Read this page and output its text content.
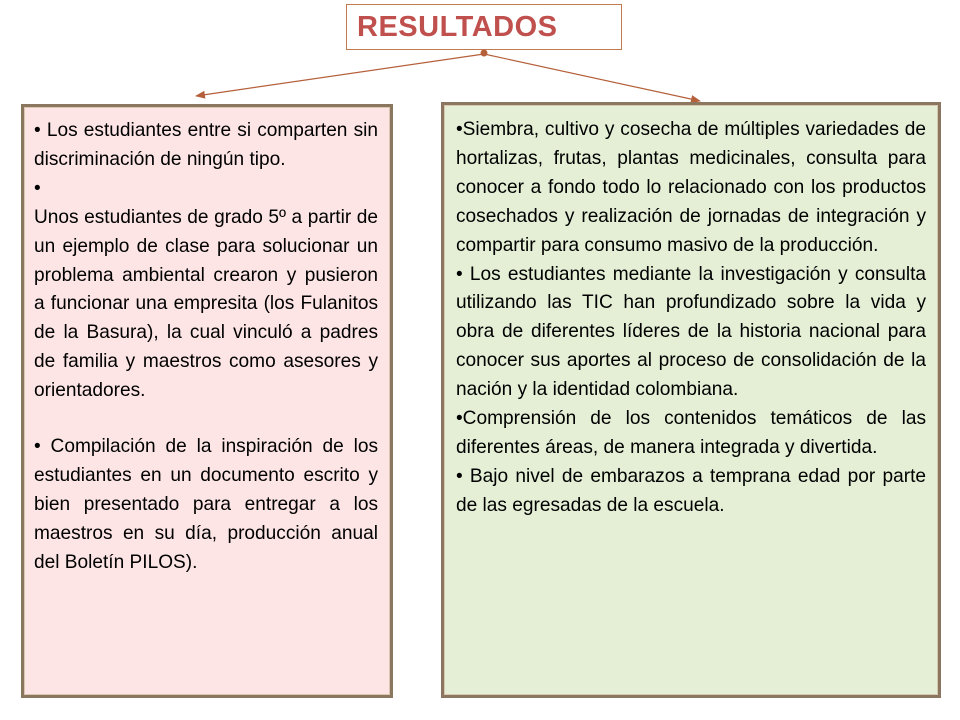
RESULTADOS

• Los estudiantes entre si comparten sin discriminación de ningún tipo.

•

Unos estudiantes de grado 5º a partir de un ejemplo de clase para solucionar un problema ambiental crearon y pusieron a funcionar una empresita (los Fulanitos de la Basura), la cual vinculó a padres de familia y maestros como asesores y orientadores.

• Compilación de la inspiración de los estudiantes en un documento escrito y bien presentado para entregar a los maestros en su día, producción anual del Boletín PILOS).

•Siembra, cultivo y cosecha de múltiples variedades de hortalizas, frutas, plantas medicinales, consulta para conocer a fondo todo lo relacionado con los productos cosechados y realización de jornadas de integración y compartir para consumo masivo de la producción.

• Los estudiantes mediante la investigación y consulta utilizando las TIC han profundizado sobre la vida y obra de diferentes líderes de la historia nacional para conocer sus aportes al proceso de consolidación de la nación y la identidad colombiana.

•Comprensión de los contenidos temáticos de las diferentes áreas, de manera integrada y divertida.

• Bajo nivel de embarazos a temprana edad por parte de las egresadas de la escuela.
